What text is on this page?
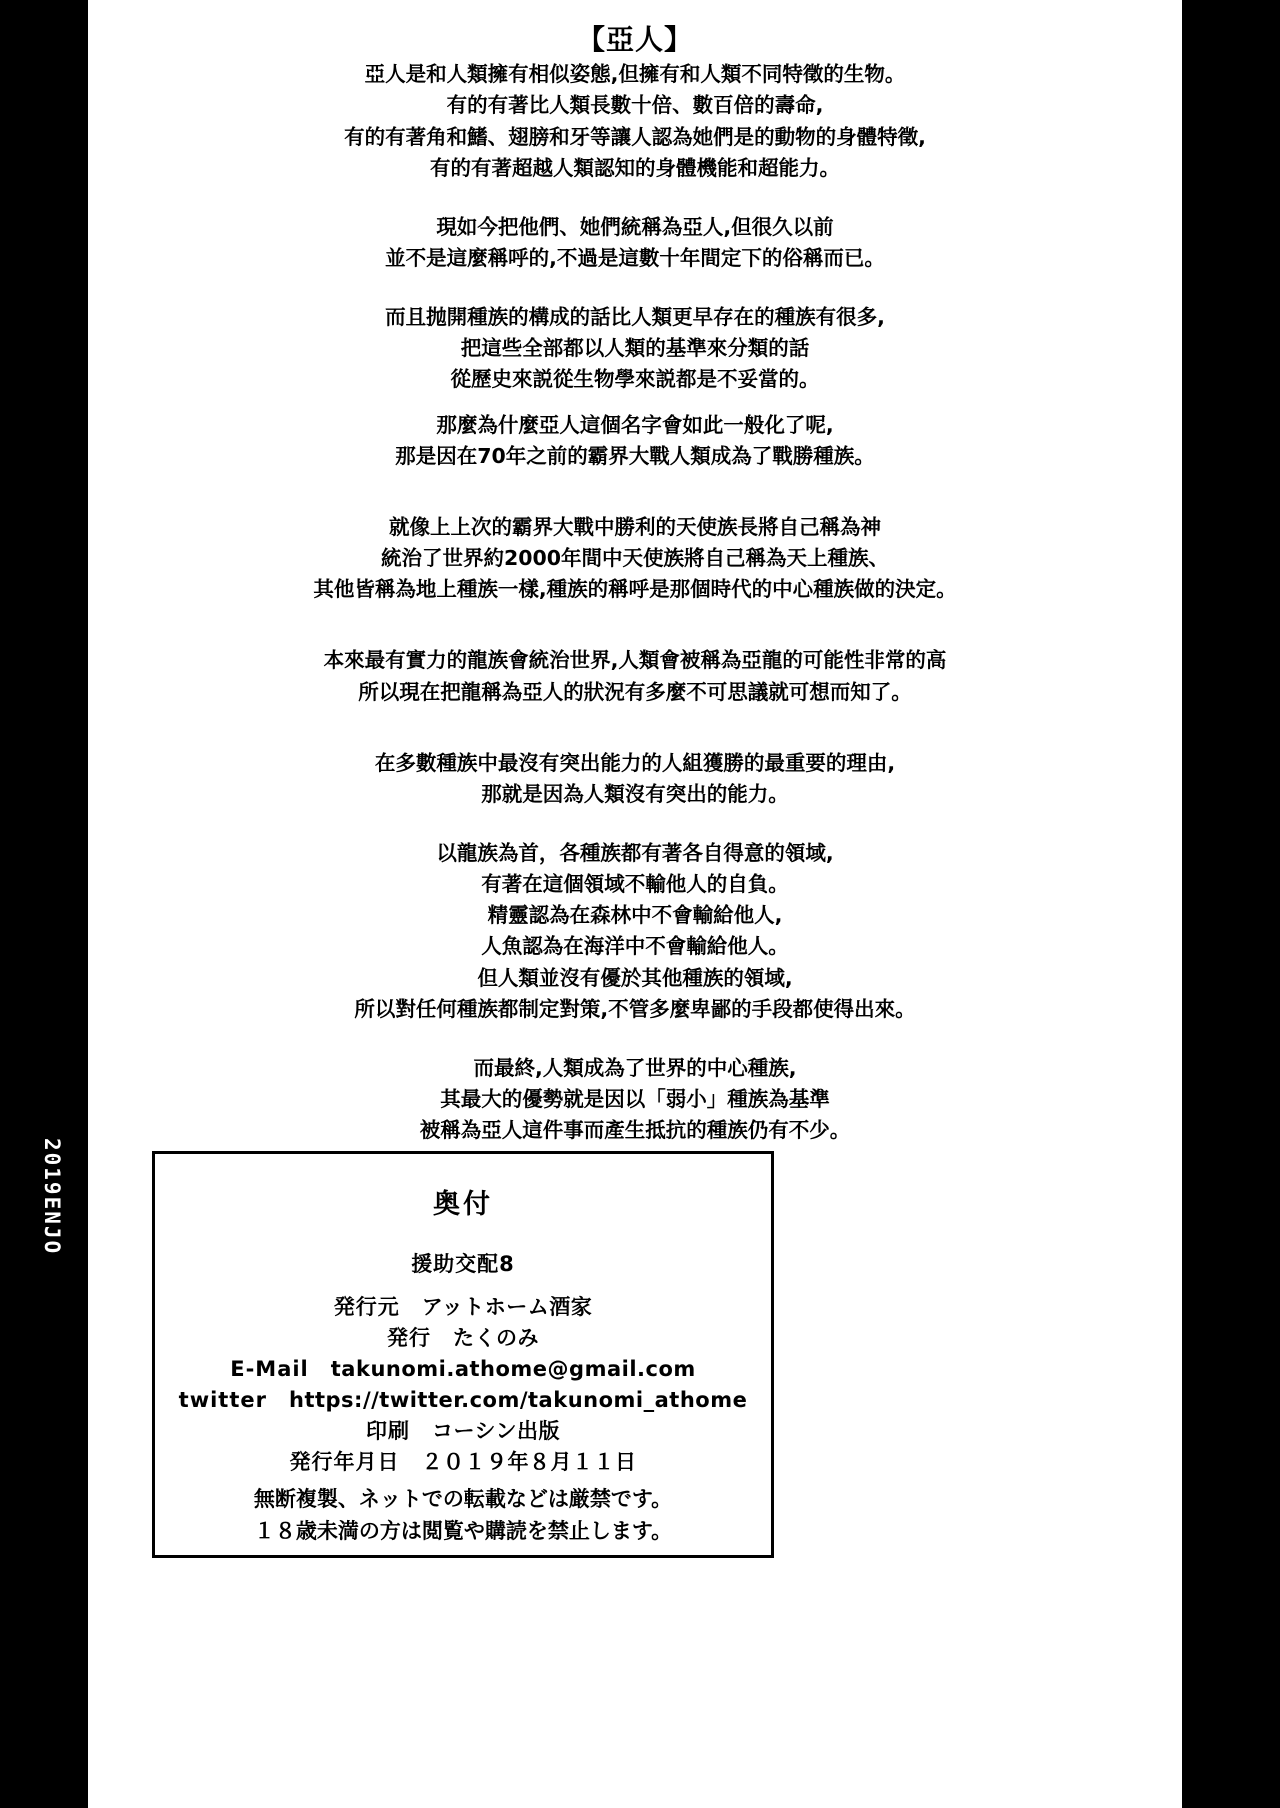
2019ENJO
【亞人】
亞人是和人類擁有相似姿態,但擁有和人類不同特徵的生物。
有的有著比人類長數十倍、數百倍的壽命,
有的有著角和鰭、翅膀和牙等讓人認為她們是的動物的身體特徵,
有的有著超越人類認知的身體機能和超能力。
現如今把他們、她們統稱為亞人,但很久以前
並不是這麼稱呼的,不過是這數十年間定下的俗稱而已。
而且抛開種族的構成的話比人類更早存在的種族有很多,
把這些全部都以人類的基準來分類的話
從歷史來説從生物學來説都是不妥當的。
那麼為什麼亞人這個名字會如此一般化了呢,
那是因在70年之前的霸界大戰人類成為了戰勝種族。
就像上上次的霸界大戰中勝利的天使族長將自己稱為神
統治了世界約2000年間中天使族將自己稱為天上種族、
其他皆稱為地上種族一樣,種族的稱呼是那個時代的中心種族做的決定。
本來最有實力的龍族會統治世界,人類會被稱為亞龍的可能性非常的高
所以現在把龍稱為亞人的狀況有多麼不可思議就可想而知了。
在多數種族中最沒有突出能力的人組獲勝的最重要的理由,
那就是因為人類沒有突出的能力。
以龍族為首，各種族都有著各自得意的領域,
有著在這個領域不輸他人的自負。
精靈認為在森林中不會輸給他人,
人魚認為在海洋中不會輸給他人。
但人類並沒有優於其他種族的領域,
所以對任何種族都制定對策,不管多麼卑鄙的手段都使得出來。
而最終,人類成為了世界的中心種族,
其最大的優勢就是因以「弱小」種族為基準
被稱為亞人這件事而產生抵抗的種族仍有不少。
奥付
援助交配8
発行元 アットホーム酒家
発行 たくのみ
E-Mail takunomi.athome@gmail.com
twitter https://twitter.com/takunomi_athome
印刷 コーシン出版
発行年月日 ２０１９年８月１１日
無断複製、ネットでの転載などは厳禁です。
１８歳未満の方は閲覧や購読を禁止します。
